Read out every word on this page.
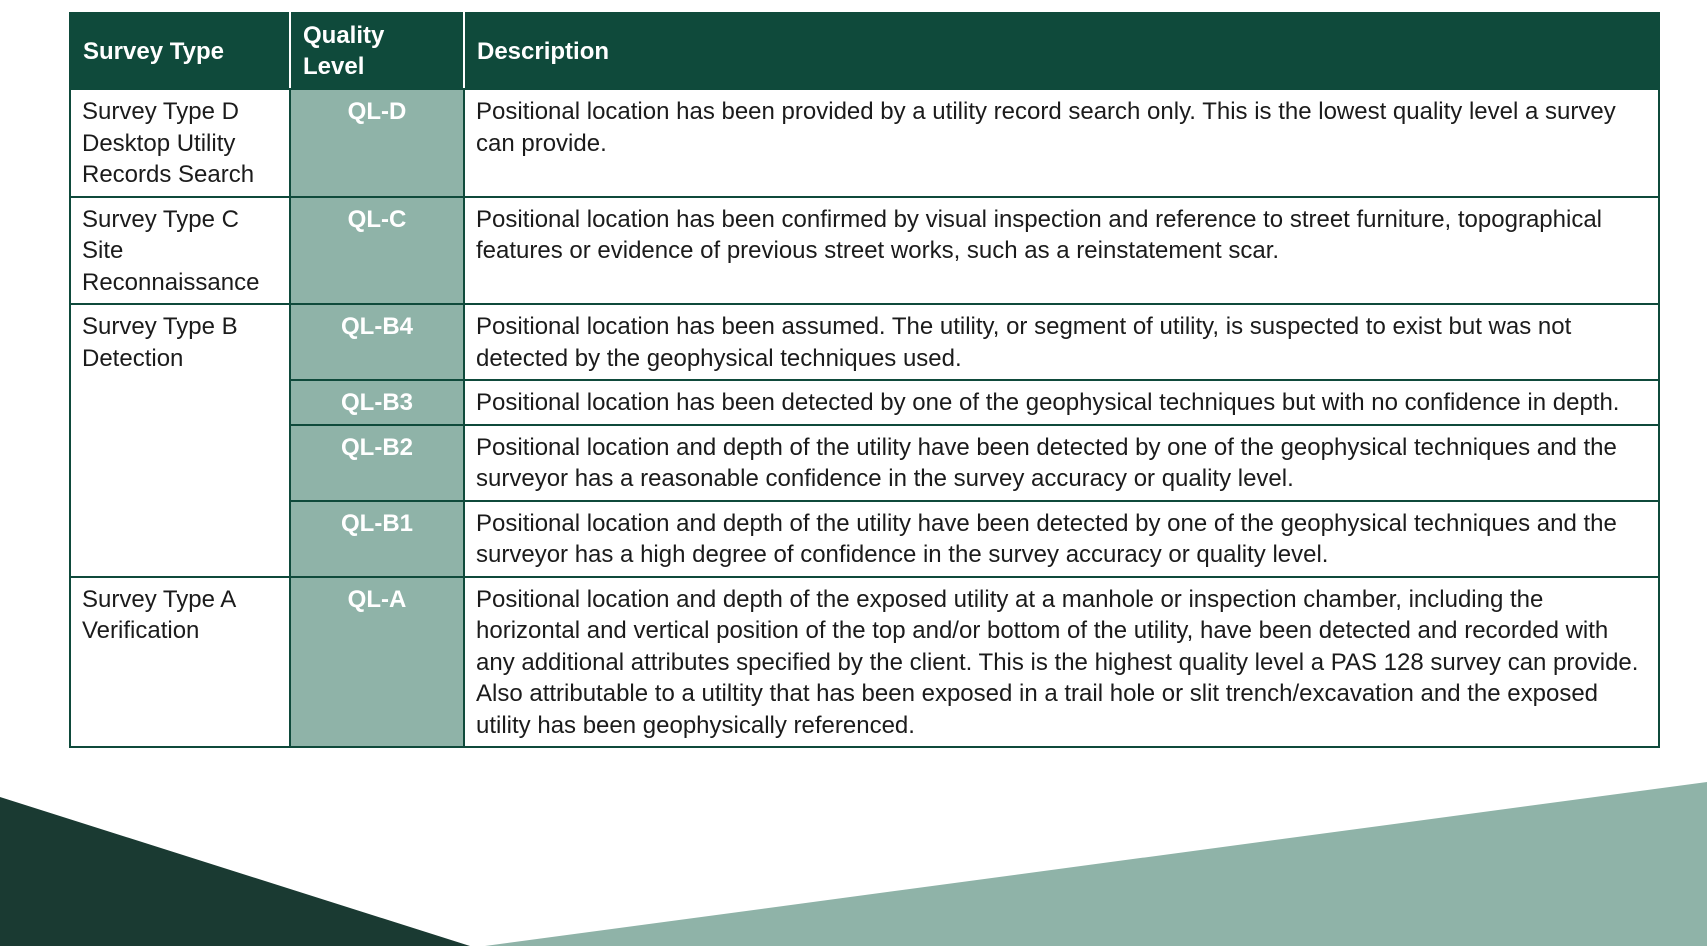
Survey Type	Quality Level	Description
Survey Type D Desktop Utility Records Search	QL-D	Positional location has been provided by a utility record search only. This is the lowest quality level a survey can provide.
Survey Type C Site Reconnaissance	QL-C	Positional location has been confirmed by visual inspection and reference to street furniture, topographical features or evidence of previous street works, such as a reinstatement scar.
Survey Type B Detection	QL-B4	Positional location has been assumed. The utility, or segment of utility, is suspected to exist but was not detected by the geophysical techniques used.
	QL-B3	Positional location has been detected by one of the geophysical techniques but with no confidence in depth.
	QL-B2	Positional location and depth of the utility have been detected by one of the geophysical techniques and the surveyor has a reasonable confidence in the survey accuracy or quality level.
	QL-B1	Positional location and depth of the utility have been detected by one of the geophysical techniques and the surveyor has a high degree of confidence in the survey accuracy or quality level.
Survey Type A Verification	QL-A	Positional location and depth of the exposed utility at a manhole or inspection chamber, including the horizontal and vertical position of the top and/or bottom of the utility, have been detected and recorded with any additional attributes specified by the client. This is the highest quality level a PAS 128 survey can provide. Also attributable to a utiltity that has been exposed in a trail hole or slit trench/excavation and the exposed utility has been geophysically referenced.
